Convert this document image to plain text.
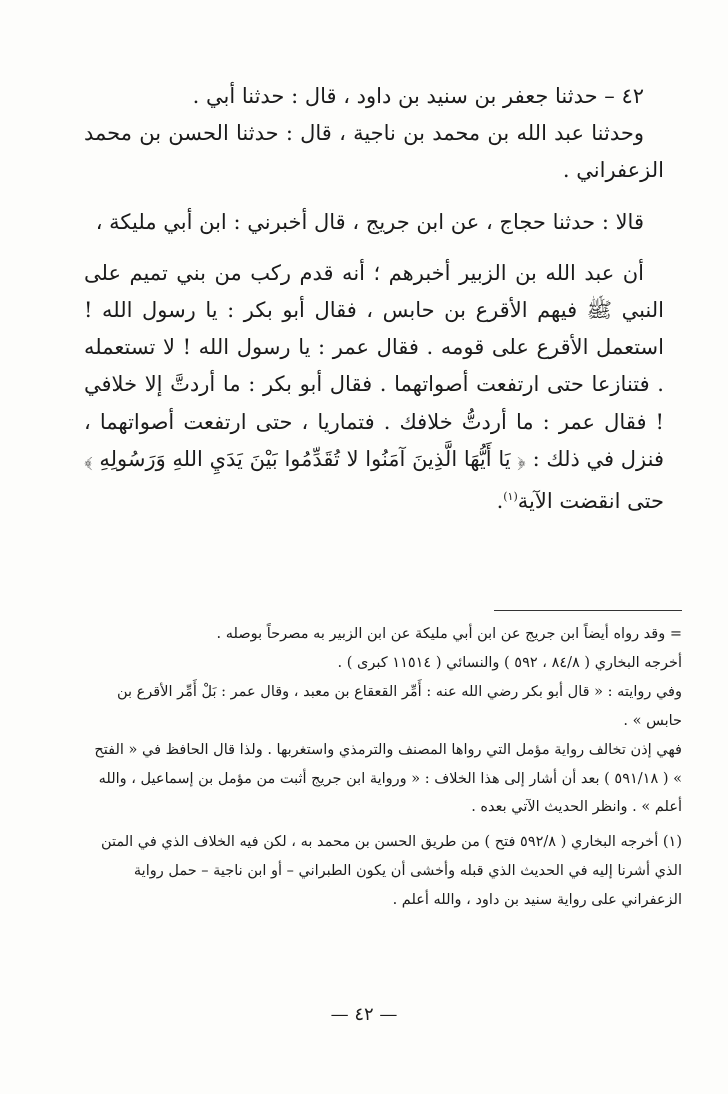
٤٢ – حدثنا جعفر بن سنيد بن داود ، قال : حدثنا أبي .

وحدثنا عبد الله بن محمد بن ناجية ، قال : حدثنا الحسن بن محمد الزعفراني .

قالا : حدثنا حجاج ، عن ابن جريج ، قال أخبرني : ابن أبي مليكة ،

أن عبد الله بن الزبير أخبرهم ؛ أنه قدم ركب من بني تميم على النبي ﷺ فيهم الأقرع بن حابس ، فقال أبو بكر : يا رسول الله ! استعمل الأقرع على قومه . فقال عمر : يا رسول الله ! لا تستعمله . فتنازعا حتى ارتفعت أصواتهما . فقال أبو بكر : ما أردتَّ إلا خلافي ! فقال عمر : ما أردتُّ خلافك . فتماريا ، حتى ارتفعت أصواتهما ، فنزل في ذلك : ﴿ يَا أَيُّهَا الَّذِينَ آمَنُوا لا تُقَدِّمُوا بَيْنَ يَدَيِ اللهِ وَرَسُولِهِ ﴾ حتى انقضت الآية$^{(١)}$.

= وقد رواه أيضاً ابن جريج عن ابن أبي مليكة عن ابن الزبير به مصرحاً بوصله .

أخرجه البخاري ( ٨٤/٨ ، ٥٩٢ ) والنسائي ( ١١٥١٤ كبرى ) .

وفي روايته : « قال أبو بكر رضي الله عنه : أَمِّر القعقاع بن معبد ، وقال عمر : بَلْ أَمِّر الأقرع بن حابس » .

فهي إذن تخالف رواية مؤمل التي رواها المصنف والترمذي واستغربها . ولذا قال الحافظ في « الفتح » ( ٥٩١/١٨ ) بعد أن أشار إلى هذا الخلاف : « ورواية ابن جريج أثبت من مؤمل بن إسماعيل ، والله أعلم » . وانظر الحديث الآتي بعده .

(١) أخرجه البخاري ( ٥٩٢/٨ فتح ) من طريق الحسن بن محمد به ، لكن فيه الخلاف الذي في المتن الذي أشرنا إليه في الحديث الذي قبله وأخشى أن يكون الطبراني – أو ابن ناجية – حمل رواية الزعفراني على رواية سنيد بن داود ، والله أعلم .

— ٤٢ —
